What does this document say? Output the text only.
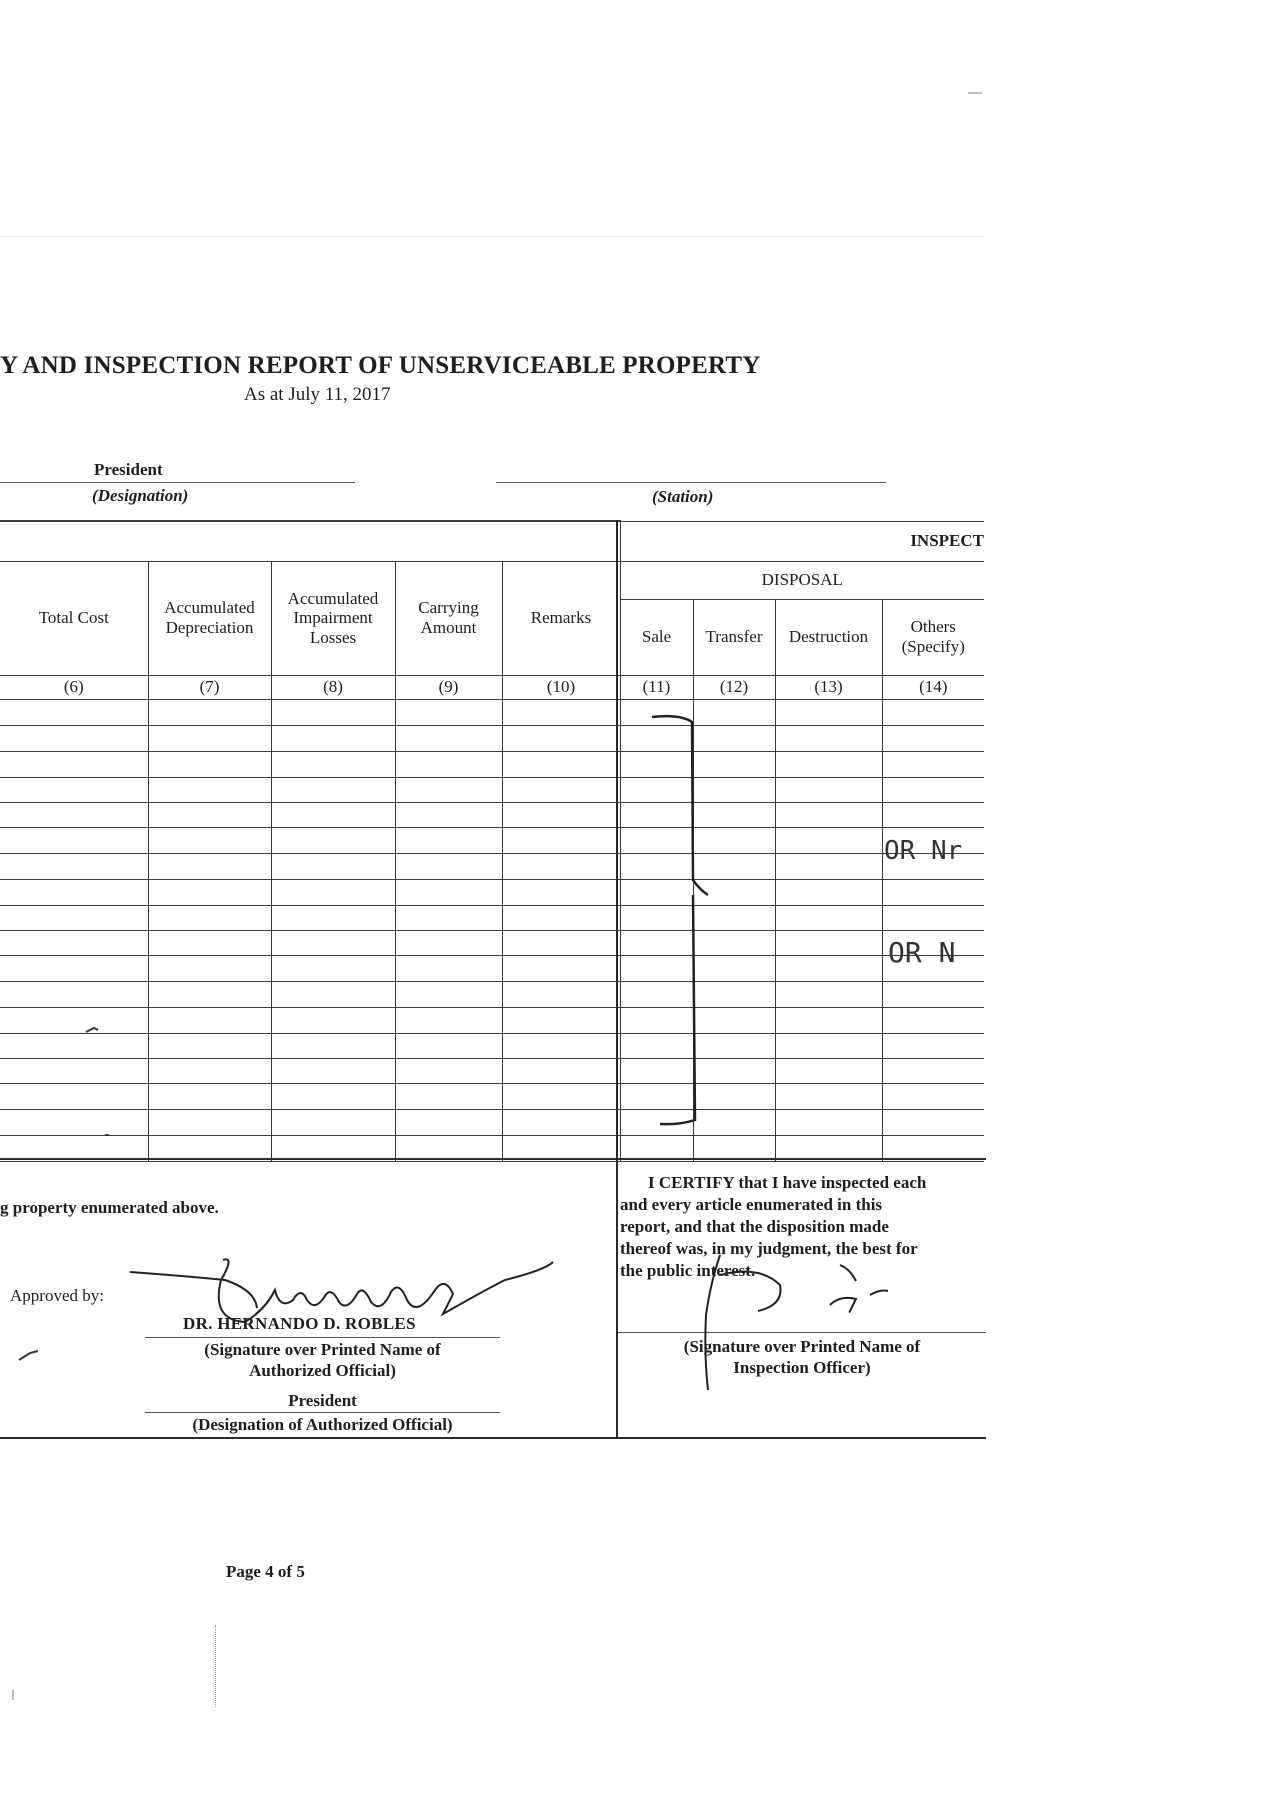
Y AND INSPECTION REPORT OF UNSERVICEABLE PROPERTY
As at July 11, 2017
President
(Designation)	(Station)
					INSPECT			
Total Cost	Accumulated Depreciation	Accumulated Impairment Losses	Carrying Amount	Remarks	DISPOSAL			
					Sale	Transfer	Destruction	Others (Specify)
(6)	(7)	(8)	(9)	(10)	(11)	(12)	(13)	(14)

-
OR Nr
OR N
g property enumerated above.
Approved by:
DR. HERNANDO D. ROBLES
(Signature over Printed Name of
Authorized Official)
President
(Designation of Authorized Official)
I CERTIFY that I have inspected each
and every article enumerated in this
report, and that the disposition made
thereof was, in my judgment, the best for
the public interest.
(Signature over Printed Name of
Inspection Officer)
Page 4 of 5
